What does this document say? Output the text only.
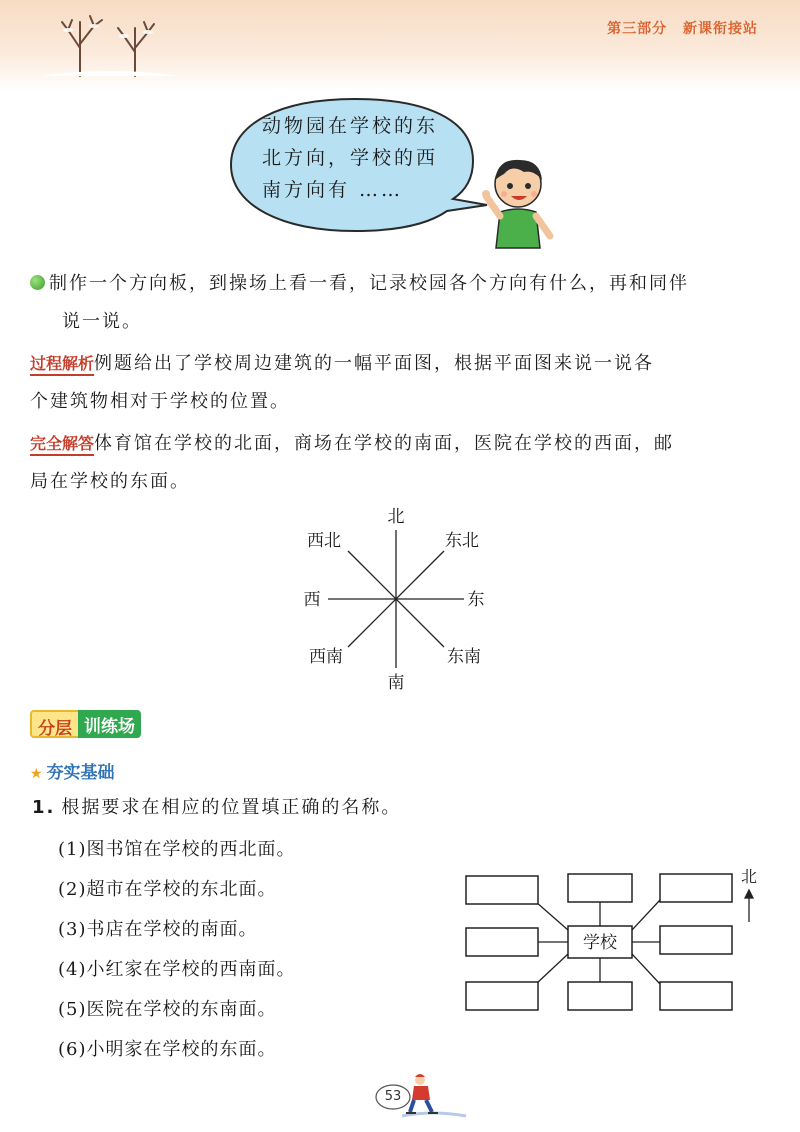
第三部分 新课衔接站
动物园在学校的东
北方向，学校的西
南方向有 ……
制作一个方向板，到操场上看一看，记录校园各个方向有什么，再和同伴
说一说。
过程解析例题给出了学校周边建筑的一幅平面图，根据平面图来说一说各
个建筑物相对于学校的位置。
完全解答体育馆在学校的北面，商场在学校的南面，医院在学校的西面，邮
局在学校的东面。
北
东北
东
东南
南
西南
西
西北
分层 训练场
★ 夯实基础
1. 根据要求在相应的位置填正确的名称。
(1)图书馆在学校的西北面。
(2)超市在学校的东北面。
(3)书店在学校的南面。
(4)小红家在学校的西南面。
(5)医院在学校的东南面。
(6)小明家在学校的东面。
学校
北
53
